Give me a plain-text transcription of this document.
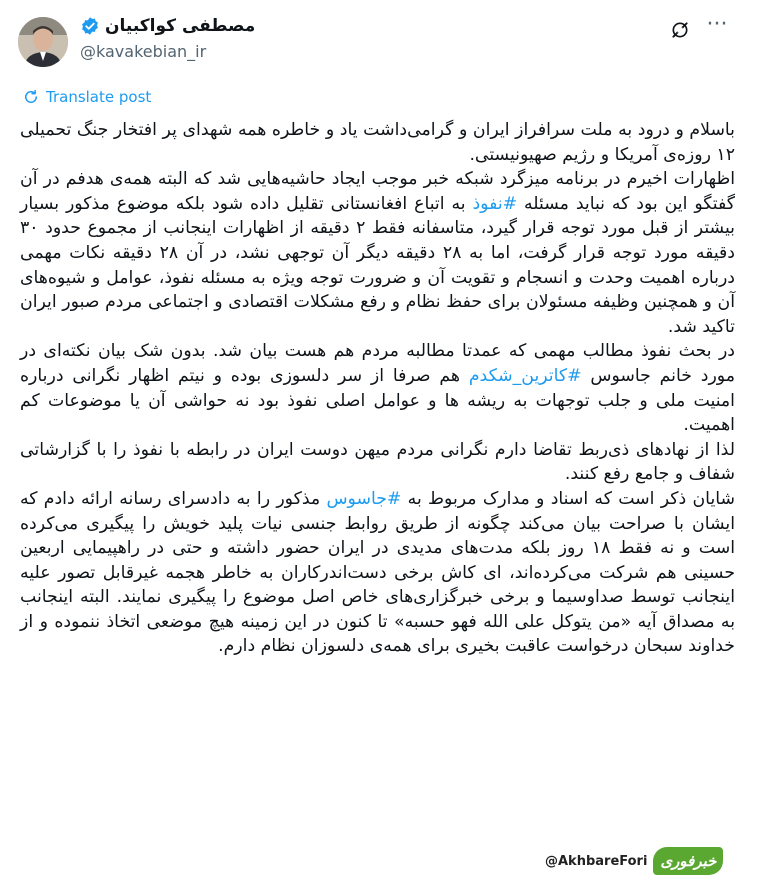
مصطفی کواکبیان
@kavakebian_ir
···
Translate post

باسلام و درود به ملت سرافراز ایران و گرامی‌داشت یاد و خاطره همه شهدای پر افتخار جنگ تحمیلی ۱۲ روزه‌ی آمریکا و رژیم صهیونیستی.

اظهارات اخیرم در برنامه میزگرد شبکه خبر موجب ایجاد حاشیه‌هایی شد که البته همه‌ی هدفم در آن گفتگو این بود که نباید مسئله #نفوذ به اتباع افغانستانی تقلیل داده شود بلکه موضوع مذکور بسیار بیشتر از قبل مورد توجه قرار گیرد، متاسفانه فقط ۲ دقیقه از اظهارات اینجانب از مجموع حدود ۳۰ دقیقه مورد توجه قرار گرفت، اما به ۲۸ دقیقه دیگر آن توجهی نشد، در آن ۲۸ دقیقه نکات مهمی درباره اهمیت وحدت و انسجام و تقویت آن و ضرورت توجه ویژه به مسئله نفوذ، عوامل و شیوه‌های آن و همچنین وظیفه مسئولان برای حفظ نظام و رفع مشکلات اقتصادی و اجتماعی مردم صبور ایران تاکید شد.

در بحث نفوذ مطالب مهمی که عمدتا مطالبه مردم هم هست بیان شد. بدون شک بیان نکته‌ای در مورد خانم جاسوس #کاترین_شکدم هم صرفا از سر دلسوزی بوده و نیتم اظهار نگرانی درباره امنیت ملی و جلب توجهات به ریشه ها و عوامل اصلی نفوذ بود نه حواشی آن یا موضوعات کم اهمیت.

لذا از نهادهای ذی‌ربط تقاضا دارم نگرانی مردم میهن دوست ایران در رابطه با نفوذ را با گزارشاتی شفاف و جامع رفع کنند.

شایان ذکر است که اسناد و مدارک مربوط به #جاسوس مذکور را به دادسرای رسانه ارائه دادم که ایشان با صراحت بیان می‌کند چگونه از طریق روابط جنسی نیات پلید خویش را پیگیری می‌کرده است و نه فقط ۱۸ روز بلکه مدت‌های مدیدی در ایران حضور داشته و حتی در راهپیمایی اربعین حسینی هم شرکت می‌کرده‌اند، ای کاش برخی دست‌اندرکاران به خاطر هجمه غیرقابل تصور علیه اینجانب توسط صداوسیما و برخی خبرگزاری‌های خاص اصل موضوع را پیگیری نمایند. البته اینجانب به مصداق آیه «من یتوکل علی الله فهو حسبه» تا کنون در این زمینه هیچ موضعی اتخاذ ننموده و از خداوند سبحان درخواست عاقبت بخیری برای همه‌ی دلسوزان نظام دارم.

@AkhbareFori خبرفوری
